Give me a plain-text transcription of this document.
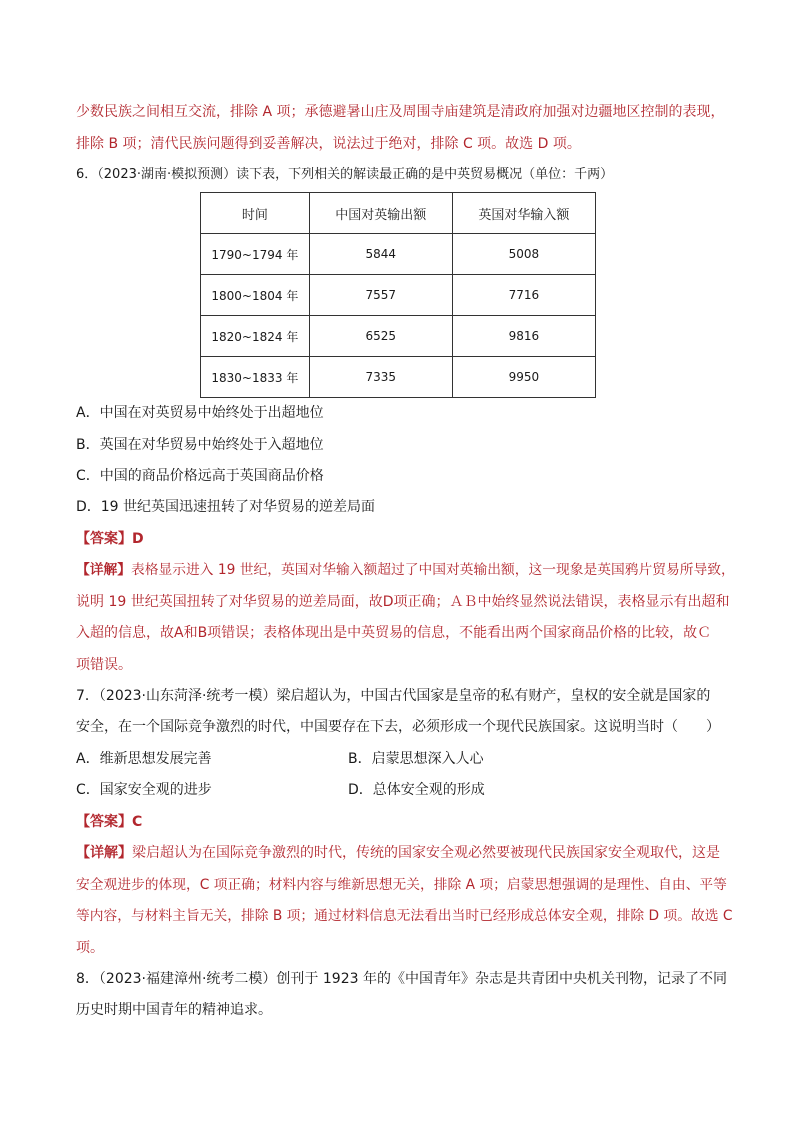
少数民族之间相互交流，排除 A 项；承德避暑山庄及周围寺庙建筑是清政府加强对边疆地区控制的表现，
排除 B 项；清代民族问题得到妥善解决，说法过于绝对，排除 C 项。故选 D 项。
6．（2023·湖南·模拟预测）读下表，下列相关的解读最正确的是中英贸易概况（单位：千两）
时间	中国对英输出额	英国对华输入额
1790~1794 年	5844	5008
1800~1804 年	7557	7716
1820~1824 年	6525	9816
1830~1833 年	7335	9950
A．中国在对英贸易中始终处于出超地位
B．英国在对华贸易中始终处于入超地位
C．中国的商品价格远高于英国商品价格
D．19 世纪英国迅速扭转了对华贸易的逆差局面
【答案】D
【详解】表格显示进入 19 世纪，英国对华输入额超过了中国对英输出额，这一现象是英国鸦片贸易所导致，
说明 19 世纪英国扭转了对华贸易的逆差局面，故D项正确；ＡＢ中始终显然说法错误，表格显示有出超和
入超的信息，故A和B项错误；表格体现出是中英贸易的信息，不能看出两个国家商品价格的比较，故Ｃ
项错误。
7．（2023·山东菏泽·统考一模）梁启超认为，中国古代国家是皇帝的私有财产，皇权的安全就是国家的
安全，在一个国际竞争激烈的时代，中国要存在下去，必须形成一个现代民族国家。这说明当时（　　）
A．维新思想发展完善	B．启蒙思想深入人心
C．国家安全观的进步	D．总体安全观的形成
【答案】C
【详解】梁启超认为在国际竞争激烈的时代，传统的国家安全观必然要被现代民族国家安全观取代，这是
安全观进步的体现，C 项正确；材料内容与维新思想无关，排除 A 项；启蒙思想强调的是理性、自由、平等
等内容，与材料主旨无关，排除 B 项；通过材料信息无法看出当时已经形成总体安全观，排除 D 项。故选 C
项。
8．（2023·福建漳州·统考二模）创刊于 1923 年的《中国青年》杂志是共青团中央机关刊物，记录了不同
历史时期中国青年的精神追求。
